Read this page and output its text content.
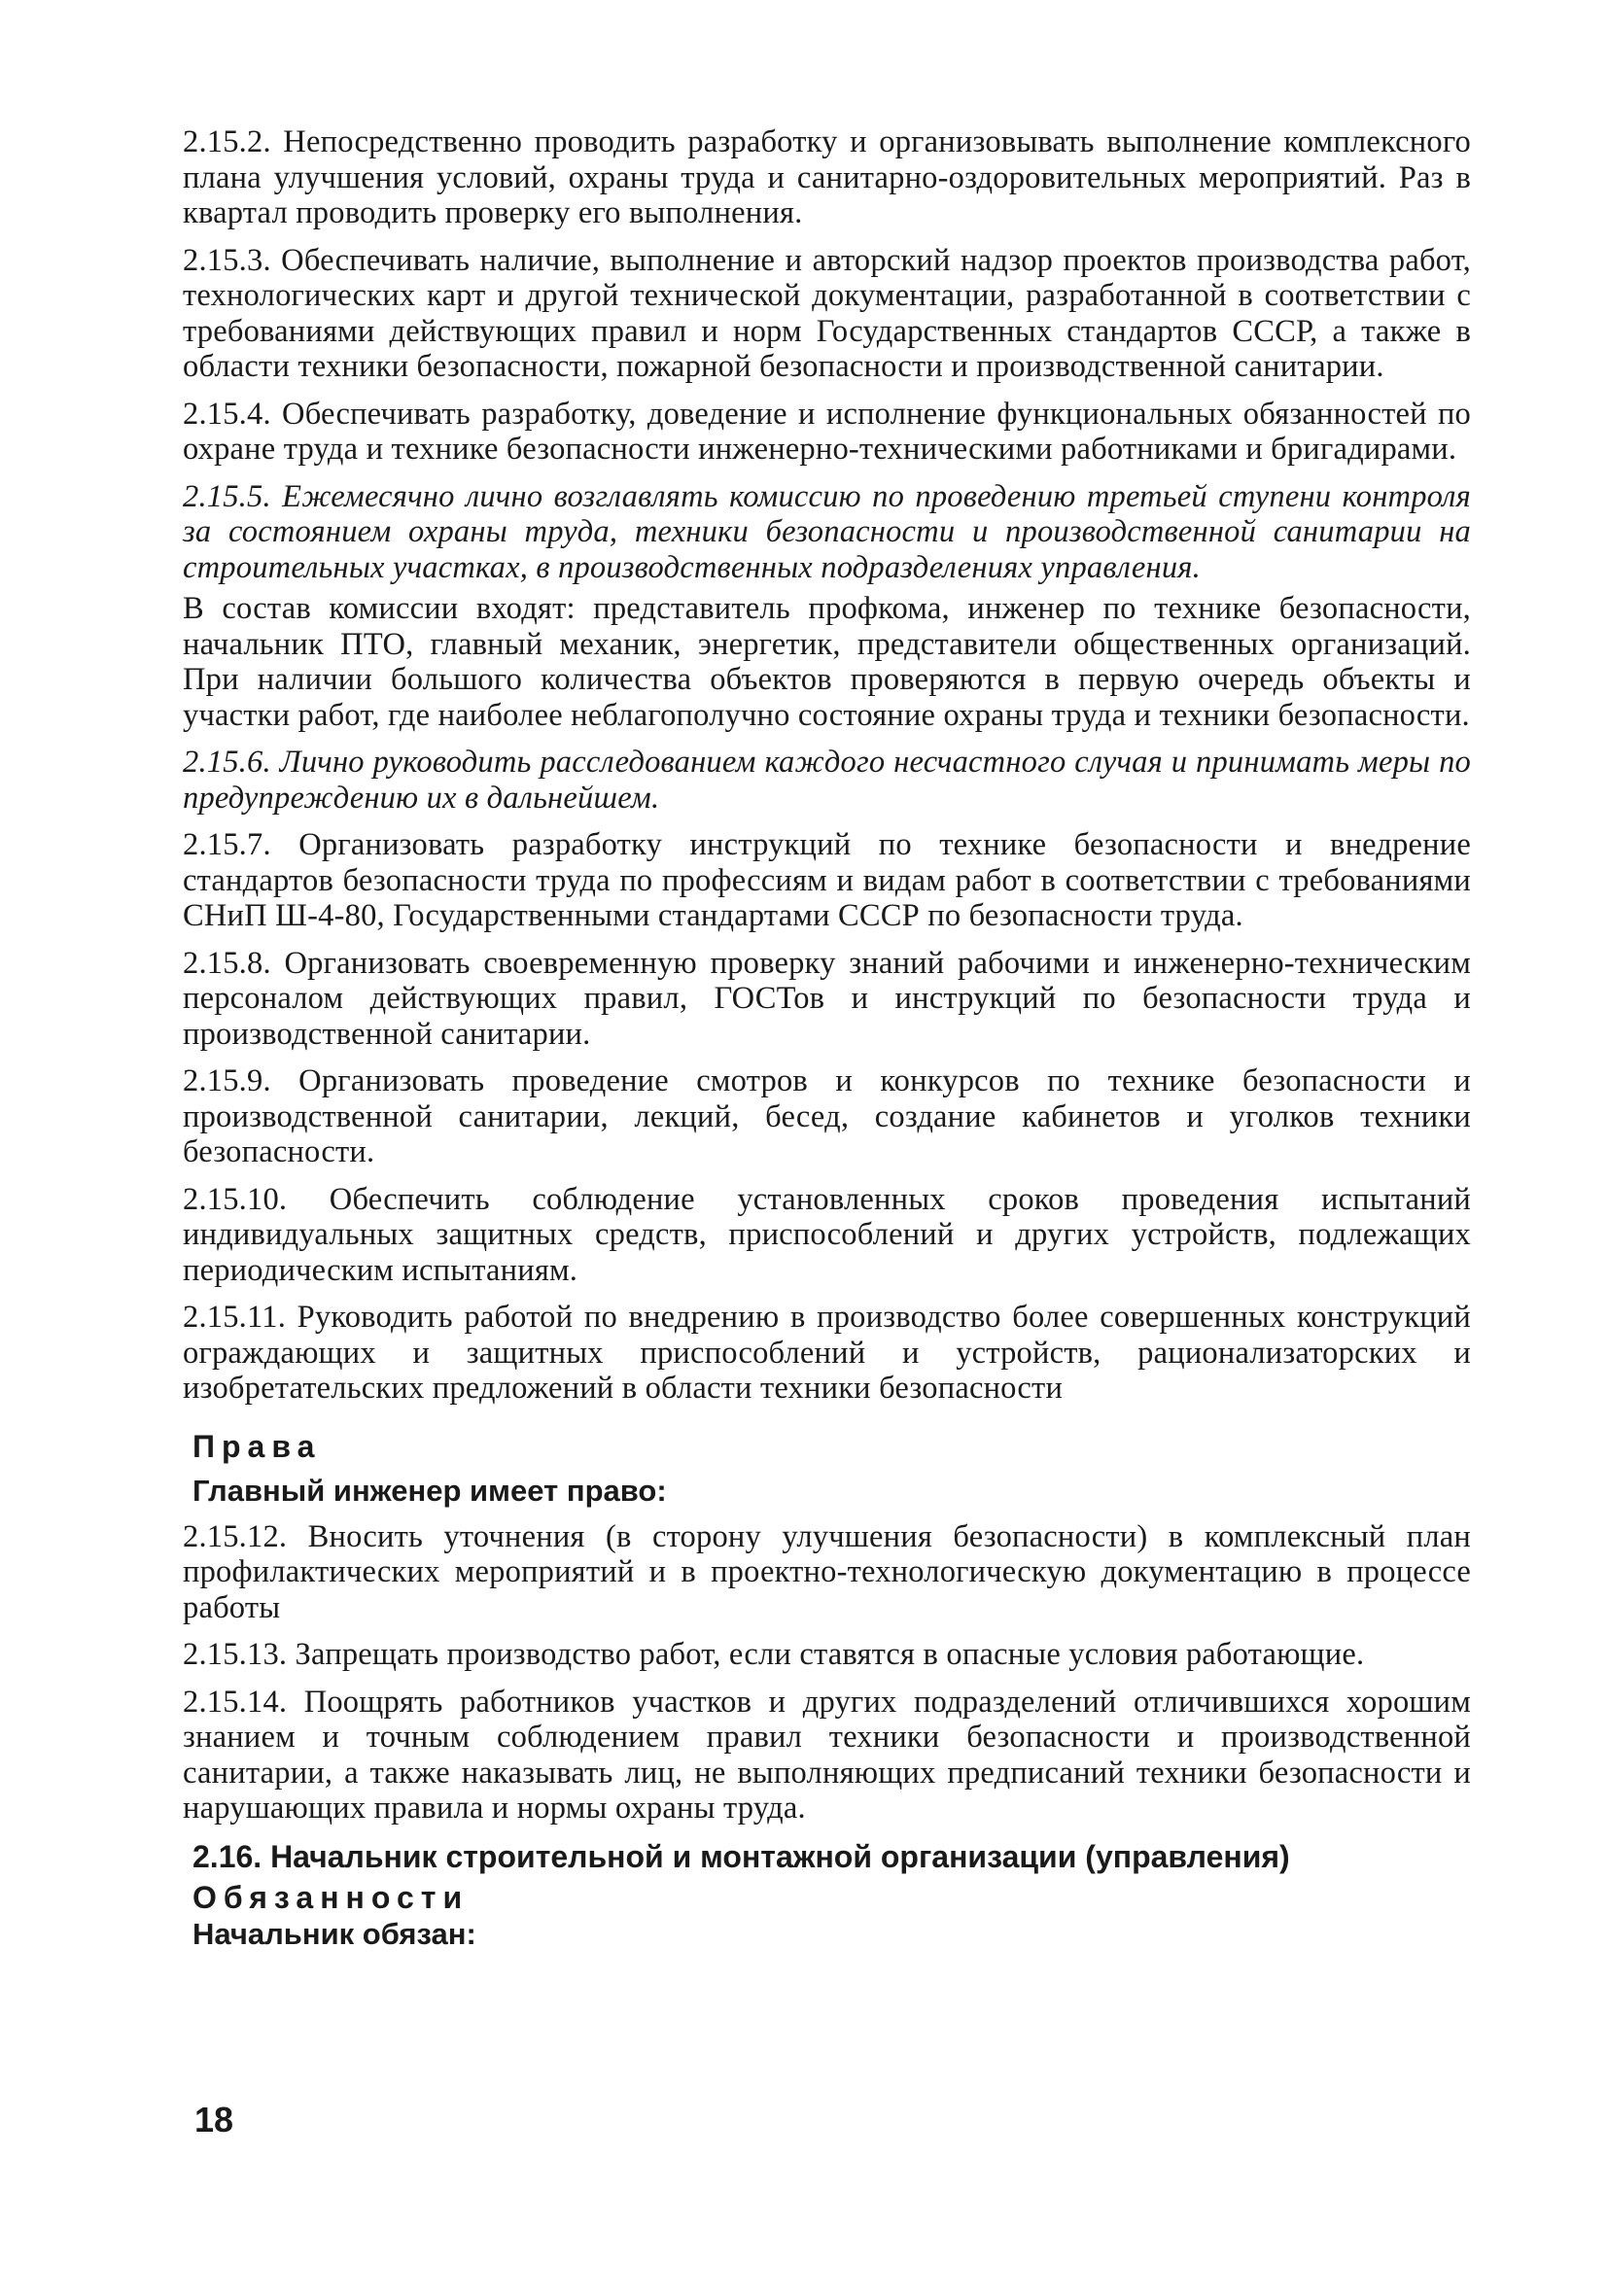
2.15.2. Непосредственно проводить разработку и организовывать выполнение комплексного плана улучшения условий, охраны труда и санитарно-оздоровительных мероприятий. Раз в квартал проводить проверку его выполнения.

2.15.3. Обеспечивать наличие, выполнение и авторский надзор проектов производства работ, технологических карт и другой технической документации, разработанной в соответствии с требованиями действующих правил и норм Государственных стандартов СССР, а также в области техники безопасности, пожарной безопасности и производственной санитарии.

2.15.4. Обеспечивать разработку, доведение и исполнение функциональных обязанностей по охране труда и технике безопасности инженерно-техническими работниками и бригадирами.

2.15.5. Ежемесячно лично возглавлять комиссию по проведению третьей ступени контроля за состоянием охраны труда, техники безопасности и производственной санитарии на строительных участках, в производственных подразделениях управления.

В состав комиссии входят: представитель профкома, инженер по технике безопасности, начальник ПТО, главный механик, энергетик, представители общественных организаций. При наличии большого количества объектов проверяются в первую очередь объекты и участки работ, где наиболее неблагополучно состояние охраны труда и техники безопасности.

2.15.6. Лично руководить расследованием каждого несчастного случая и принимать меры по предупреждению их в дальнейшем.

2.15.7. Организовать разработку инструкций по технике безопасности и внедрение стандартов безопасности труда по профессиям и видам работ в соответствии с требованиями СНиП Ш-4-80, Государственными стандартами СССР по безопасности труда.

2.15.8. Организовать своевременную проверку знаний рабочими и инженерно-техническим персоналом действующих правил, ГОСТов и инструкций по безопасности труда и производственной санитарии.

2.15.9. Организовать проведение смотров и конкурсов по технике безопасности и производственной санитарии, лекций, бесед, создание кабинетов и уголков техники безопасности.

2.15.10. Обеспечить соблюдение установленных сроков проведения испытаний индивидуальных защитных средств, приспособлений и других устройств, подлежащих периодическим испытаниям.

2.15.11. Руководить работой по внедрению в производство более совершенных конструкций ограждающих и защитных приспособлений и устройств, рационализаторских и изобретательских предложений в области техники безопасности

Права
Главный инженер имеет право:

2.15.12. Вносить уточнения (в сторону улучшения безопасности) в комплексный план профилактических мероприятий и в проектно-технологическую документацию в процессе работы

2.15.13. Запрещать производство работ, если ставятся в опасные условия работающие.

2.15.14. Поощрять работников участков и других подразделений отличившихся хорошим знанием и точным соблюдением правил техники безопасности и производственной санитарии, а также наказывать лиц, не выполняющих предписаний техники безопасности и нарушающих правила и нормы охраны труда.

2.16. Начальник строительной и монтажной организации (управления)
Обязанности
Начальник обязан:
18
